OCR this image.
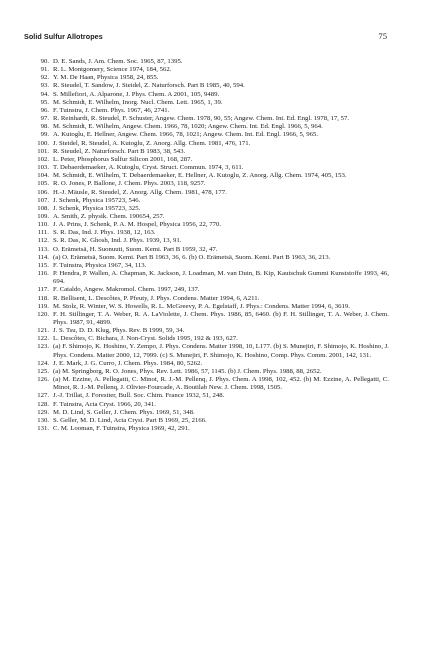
Solid Sulfur Allotropes	75
90. D. E. Sands, J. Am. Chem. Soc. 1965, 87, 1395.
91. R. L. Montgomery, Science 1974, 184, 562.
92. Y. M. De Haan, Physica 1958, 24, 855.
93. R. Steudel, T. Sandow, J. Steidel, Z. Naturforsch. Part B 1985, 40, 594.
94. S. Millefiori, A. Alparone, J. Phys. Chem. A 2001, 105, 9489.
95. M. Schmidt, E. Wilhelm, Inorg. Nucl. Chem. Lett. 1965, 1, 39.
96. F. Tuinstra, J. Chem. Phys. 1967, 46, 2741.
97. R. Reinhardt, R. Steudel, F. Schuster, Angew. Chem. 1978, 90, 55; Angew. Chem. Int. Ed. Engl. 1978, 17, 57.
98. M. Schmidt, E. Wilhelm, Angew. Chem. 1966, 78, 1020; Angew. Chem. Int. Ed. Engl. 1966, 5, 964.
99. A. Kutoglu, E. Hellner, Angew. Chem. 1966, 78, 1021; Angew. Chem. Int. Ed. Engl. 1966, 5, 965.
100. J. Steidel, R. Steudel, A. Kutoglu, Z. Anorg. Allg. Chem. 1981, 476, 171.
101. R. Steudel, Z. Naturforsch. Part B 1983, 38, 543.
102. L. Peter, Phosphorus Sulfur Silicon 2001, 168, 287.
103. T. Debaerdemaeker, A. Kutoglu, Cryst. Struct. Commun. 1974, 3, 611.
104. M. Schmidt, E. Wilhelm, T. Debaerdemaeker, E. Hellner, A. Kutoglu, Z. Anorg. Allg. Chem. 1974, 405, 153.
105. R. O. Jones, P. Ballone, J. Chem. Phys. 2003, 118, 9257.
106. H.-J. Mäusle, R. Steudel, Z. Anorg. Allg. Chem. 1981, 478, 177.
107. J. Schenk, Physica 195723, 546.
108. J. Schenk, Physica 195723, 325.
109. A. Smith, Z. physik. Chem. 190654, 257.
110. J. A. Prins, J. Schenk, P. A. M. Hospel, Physica 1956, 22, 770.
111. S. R. Das, Ind. J. Phys. 1938, 12, 163.
112. S. R. Das, K. Ghosh, Ind. J. Phys. 1939, 13, 91.
113. O. Erämetsä, H. Suonuuti, Suom. Kemi. Part B 1959, 32, 47.
114. (a) O. Erämetsä, Suom. Kemi. Part B 1963, 36, 6. (b) O. Erämetsä, Suom. Kemi. Part B 1963, 36, 213.
115. F. Tuinstra, Physica 1967, 34, 113.
116. P. Hendra, P. Wallen, A. Chapman, K. Jackson, J. Loadman, M. van Duin, B. Kip, Kautschuk Gummi Kunststoffe 1993, 46, 694.
117. F. Cataldo, Angew. Makromol. Chem. 1997, 249, 137.
118. R. Bellisent, L. Descôtes, P. Pfeuty, J. Phys. Condens. Matter 1994, 6, A211.
119. M. Stolz, R. Winter, W. S. Howells, R. L. McGreevy, P. A. Egelstaff, J. Phys.: Condens. Matter 1994, 6, 3619.
120. F. H. Stillinger, T. A. Weber, R. A. LaViolette, J. Chem. Phys. 1986, 85, 6460. (b) F. H. Stillinger, T. A. Weber, J. Chem. Phys. 1987, 91, 4899.
121. J. S. Tsu, D. D. Klug, Phys. Rev. B 1999, 59, 34.
122. L. Descôtes, C. Bichara, J. Non-Cryst. Solids 1995, 192 & 193, 627.
123. (a) F. Shimojo, K. Hoshino, Y. Zempo, J. Phys. Condens. Matter 1998, 10, L177. (b) S. Munejiri, F. Shimojo, K. Hoshino, J. Phys. Condens. Matter 2000, 12, 7999. (c) S. Munejiri, F. Shimojo, K. Hoshino, Comp. Phys. Comm. 2001, 142, 131.
124. J. E. Mark, J. G. Curro, J. Chem. Phys. 1984, 80, 5262.
125. (a) M. Springborg, R. O. Jones, Phys. Rev. Lett. 1986, 57, 1145. (b) J. Chem. Phys. 1988, 88, 2652.
126. (a) M. Ezzine, A. Pellegatti, C. Minot, R. J.-M. Pellenq, J. Phys. Chem. A 1998, 102, 452. (b) M. Ezzine, A. Pellegatti, C. Minot, R. J.-M. Pellenq, J. Olivier-Fourcade, A. Boutilab New. J. Chem. 1998, 1505.
127. J.-J. Trillat, J. Forestier, Bull. Soc. Chim. France 1932, 51, 248.
128. F. Tuinstra, Acta Cryst. 1966, 20, 341.
129. M. D. Lind, S. Geller, J. Chem. Phys. 1969, 51, 348.
130. S. Geller, M. D. Lind, Acta Cryst. Part B 1969, 25, 2166.
131. C. M. Looman, F. Tuinstra, Physica 1969, 42, 291.
